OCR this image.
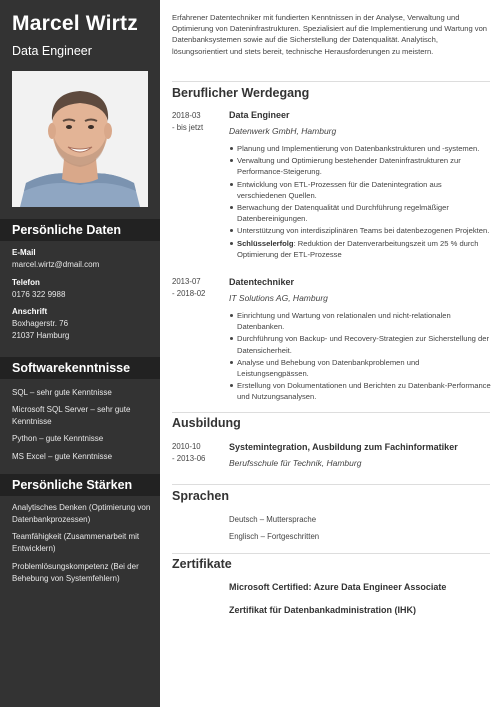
Marcel Wirtz
Data Engineer
Persönliche Daten
E-Mail
marcel.wirtz@dmail.com
Telefon
0176 322 9988
Anschrift
Boxhagerstr. 76
21037 Hamburg
Softwarekenntnisse
SQL – sehr gute Kenntnisse
Microsoft SQL Server – sehr gute Kenntnisse
Python – gute Kenntnisse
MS Excel – gute Kenntnisse
Persönliche Stärken
Analytisches Denken (Optimierung von Datenbankprozessen)
Teamfähigkeit (Zusammenarbeit mit Entwicklern)
Problemlösungskompetenz (Bei der Behebung von Systemfehlern)
Erfahrener Datentechniker mit fundierten Kenntnissen in der Analyse, Verwaltung und Optimierung von Dateninfrastrukturen. Spezialisiert auf die Implementierung und Wartung von Datenbanksystemen sowie auf die Sicherstellung der Datenqualität. Analytisch, lösungsorientiert und stets bereit, technische Herausforderungen zu meistern.
Beruflicher Werdegang
2018-03
- bis jetzt
Data Engineer
Datenwerk GmbH, Hamburg
Planung und Implementierung von Datenbankstrukturen und -systemen.
Verwaltung und Optimierung bestehender Dateninfrastrukturen zur Performance-Steigerung.
Entwicklung von ETL-Prozessen für die Datenintegration aus verschiedenen Quellen.
Berwachung der Datenqualität und Durchführung regelmäßiger Datenbereinigungen.
Unterstützung von interdisziplinären Teams bei datenbezogenen Projekten.
Schlüsselerfolg: Reduktion der Datenverarbeitungszeit um 25 % durch Optimierung der ETL-Prozesse
2013-07
- 2018-02
Datentechniker
IT Solutions AG, Hamburg
Einrichtung und Wartung von relationalen und nicht-relationalen Datenbanken.
Durchführung von Backup- und Recovery-Strategien zur Sicherstellung der Datensicherheit.
Analyse und Behebung von Datenbankproblemen und Leistungsengpässen.
Erstellung von Dokumentationen und Berichten zu Datenbank-Performance und Nutzungsanalysen.
Ausbildung
2010-10
- 2013-06
Systemintegration, Ausbildung zum Fachinformatiker
Berufsschule für Technik, Hamburg
Sprachen
Deutsch – Muttersprache
Englisch – Fortgeschritten
Zertifikate
Microsoft Certified: Azure Data Engineer Associate
Zertifikat für Datenbankadministration (IHK)
